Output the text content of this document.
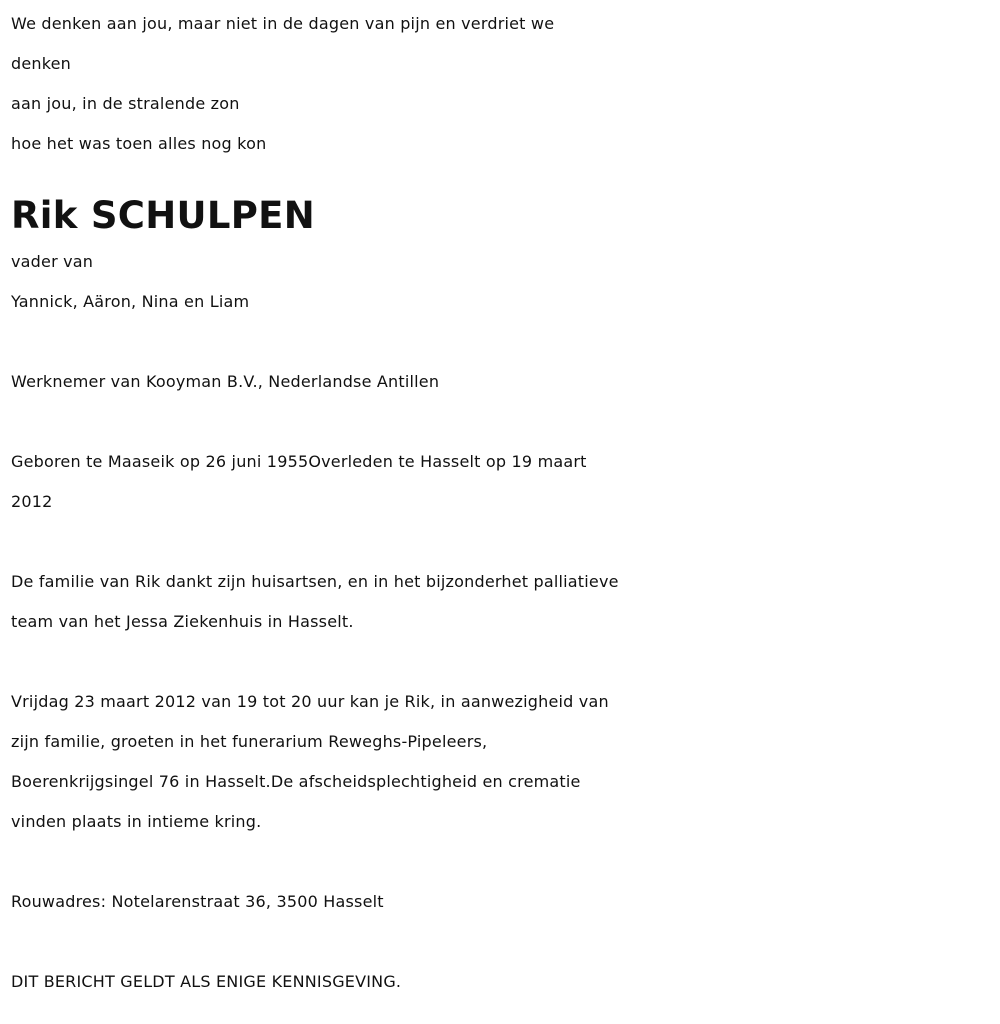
We denken aan jou, maar niet in de dagen van pijn en verdriet we
denken
aan jou, in de stralende zon
hoe het was toen alles nog kon
Rik SCHULPEN
vader van
Yannick, Aäron, Nina en Liam
Werknemer van Kooyman B.V., Nederlandse Antillen
Geboren te Maaseik op 26 juni 1955Overleden te Hasselt op 19 maart
2012
De familie van Rik dankt zijn huisartsen, en in het bijzonderhet palliatieve
team van het Jessa Ziekenhuis in Hasselt.
Vrijdag 23 maart 2012 van 19 tot 20 uur kan je Rik, in aanwezigheid van
zijn familie, groeten in het funerarium Reweghs-Pipeleers,
Boerenkrijgsingel 76 in Hasselt.De afscheidsplechtigheid en crematie
vinden plaats in intieme kring.
Rouwadres: Notelarenstraat 36, 3500 Hasselt
DIT BERICHT GELDT ALS ENIGE KENNISGEVING.
